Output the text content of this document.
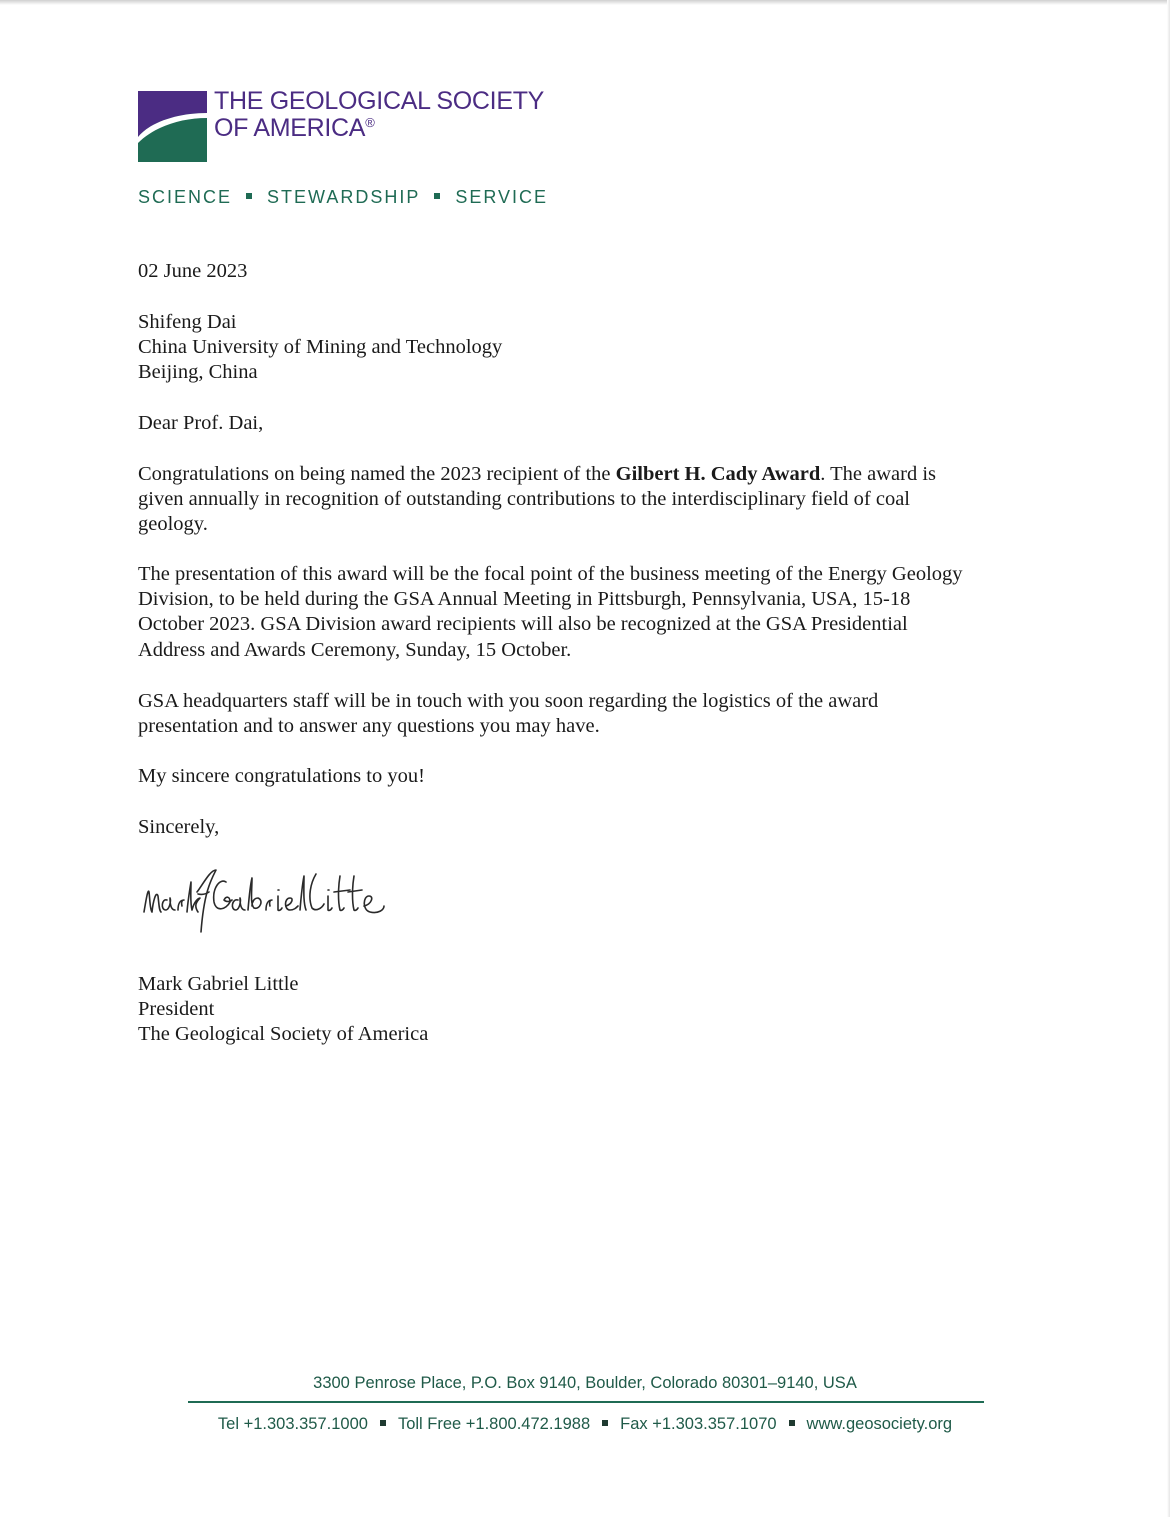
THE GEOLOGICAL SOCIETY
OF AMERICA®
SCIENCE STEWARDSHIP SERVICE

02 June 2023

Shifeng Dai

China University of Mining and Technology

Beijing, China

Dear Prof. Dai,

Congratulations on being named the 2023 recipient of the Gilbert H. Cady Award. The award is
given annually in recognition of outstanding contributions to the interdisciplinary field of coal
geology.
The presentation of this award will be the focal point of the business meeting of the Energy Geology
Division, to be held during the GSA Annual Meeting in Pittsburgh, Pennsylvania, USA, 15-18
October 2023. GSA Division award recipients will also be recognized at the GSA Presidential
Address and Awards Ceremony, Sunday, 15 October.
GSA headquarters staff will be in touch with you soon regarding the logistics of the award
presentation and to answer any questions you may have.

My sincere congratulations to you!

Sincerely,

Mark Gabriel Little

President

The Geological Society of America

3300 Penrose Place, P.O. Box 9140, Boulder, Colorado 80301–9140, USA
Tel +1.303.357.1000 Toll Free +1.800.472.1988 Fax +1.303.357.1070 www.geosociety.org
